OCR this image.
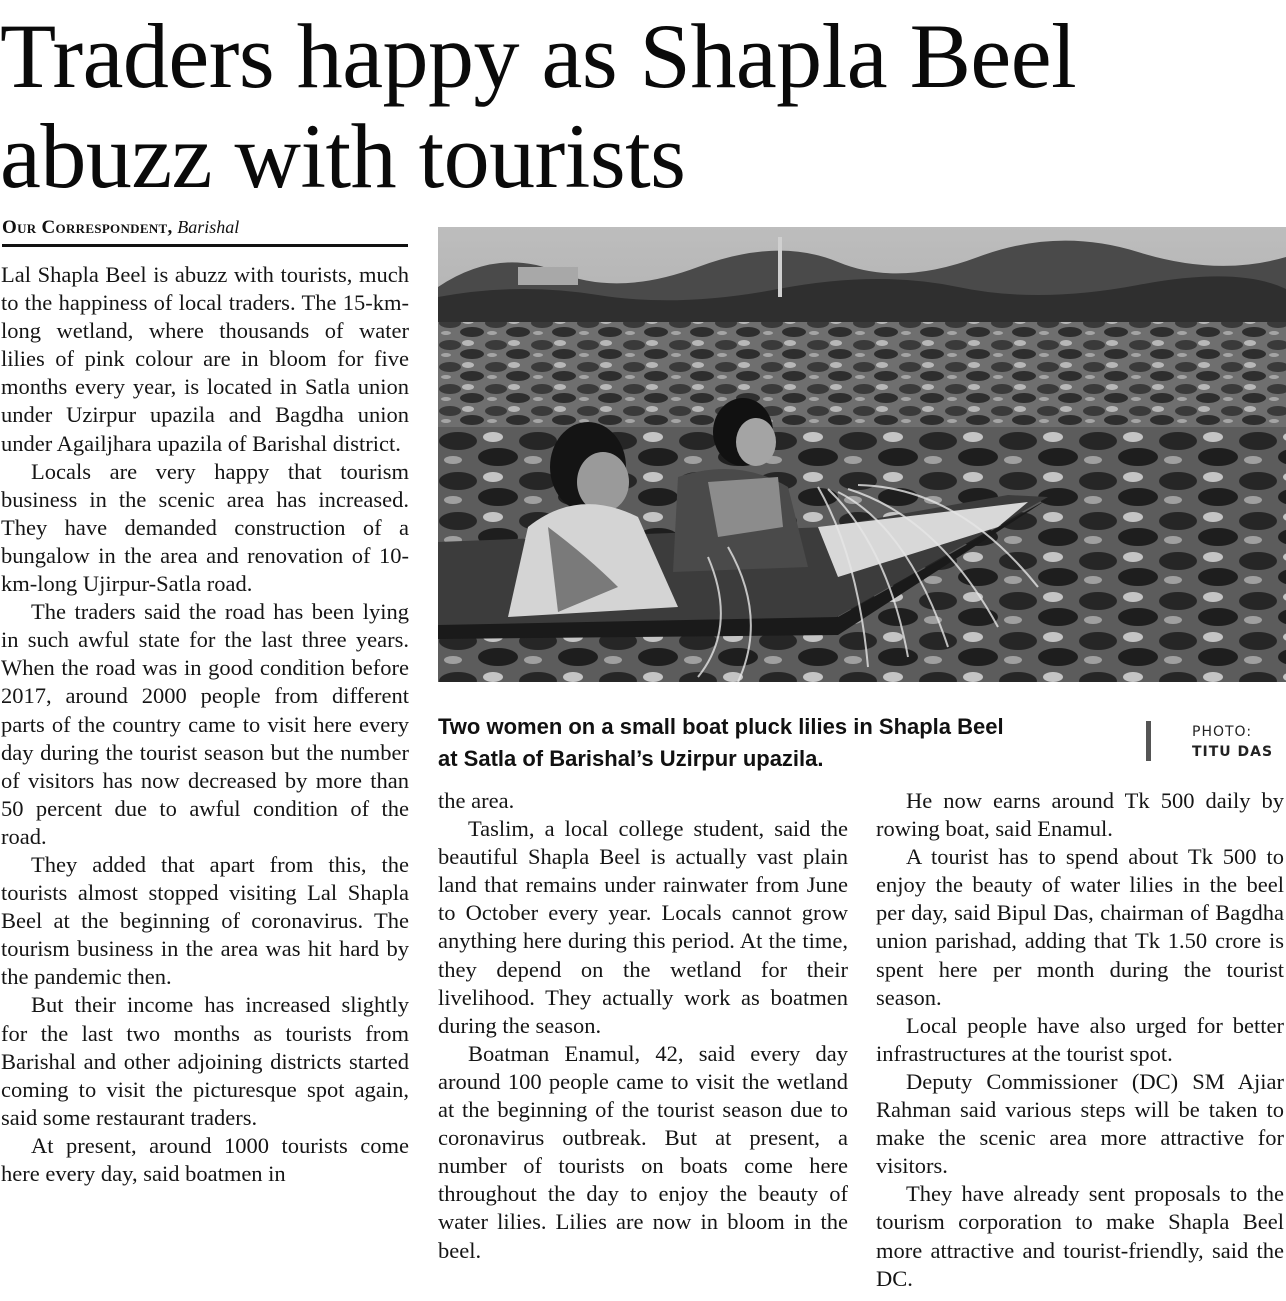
Traders happy as Shapla Beel
abuzz with tourists
Our Correspondent, Barishal

Lal Shapla Beel is abuzz with tourists, much to the happiness of local traders. The 15-km-long wetland, where thousands of water lilies of pink colour are in bloom for five months every year, is located in Satla union under Uzirpur upazila and Bagdha union under Agailjhara upazila of Barishal district.

Locals are very happy that tourism business in the scenic area has increased. They have demanded construction of a bungalow in the area and renovation of 10-km-long Ujirpur-Satla road.

The traders said the road has been lying in such awful state for the last three years. When the road was in good condition before 2017, around 2000 people from different parts of the country came to visit here every day during the tourist season but the number of visitors has now decreased by more than 50 percent due to awful condition of the road.

They added that apart from this, the tourists almost stopped visiting Lal Shapla Beel at the beginning of coronavirus. The tourism business in the area was hit hard by the pandemic then.

But their income has increased slightly for the last two months as tourists from Barishal and other adjoining districts started coming to visit the picturesque spot again, said some restaurant traders.

At present, around 1000 tourists come here every day, said boatmen in

Two women on a small boat pluck lilies in Shapla Beel
at Satla of Barishal’s Uzirpur upazila.
PHOTO:
TITU DAS

the area.

Taslim, a local college student, said the beautiful Shapla Beel is actually vast plain land that remains under rainwater from June to October every year. Locals cannot grow anything here during this period. At the time, they depend on the wetland for their livelihood. They actually work as boatmen during the season.

Boatman Enamul, 42, said every day around 100 people came to visit the wetland at the beginning of the tourist season due to coronavirus outbreak. But at present, a number of tourists on boats come here throughout the day to enjoy the beauty of water lilies. Lilies are now in bloom in the beel.

He now earns around Tk 500 daily by rowing boat, said Enamul.

A tourist has to spend about Tk 500 to enjoy the beauty of water lilies in the beel per day, said Bipul Das, chairman of Bagdha union parishad, adding that Tk 1.50 crore is spent here per month during the tourist season.

Local people have also urged for better infrastructures at the tourist spot.

Deputy Commissioner (DC) SM Ajiar Rahman said various steps will be taken to make the scenic area more attractive for visitors.

They have already sent proposals to the tourism corporation to make Shapla Beel more attractive and tourist-friendly, said the DC.
